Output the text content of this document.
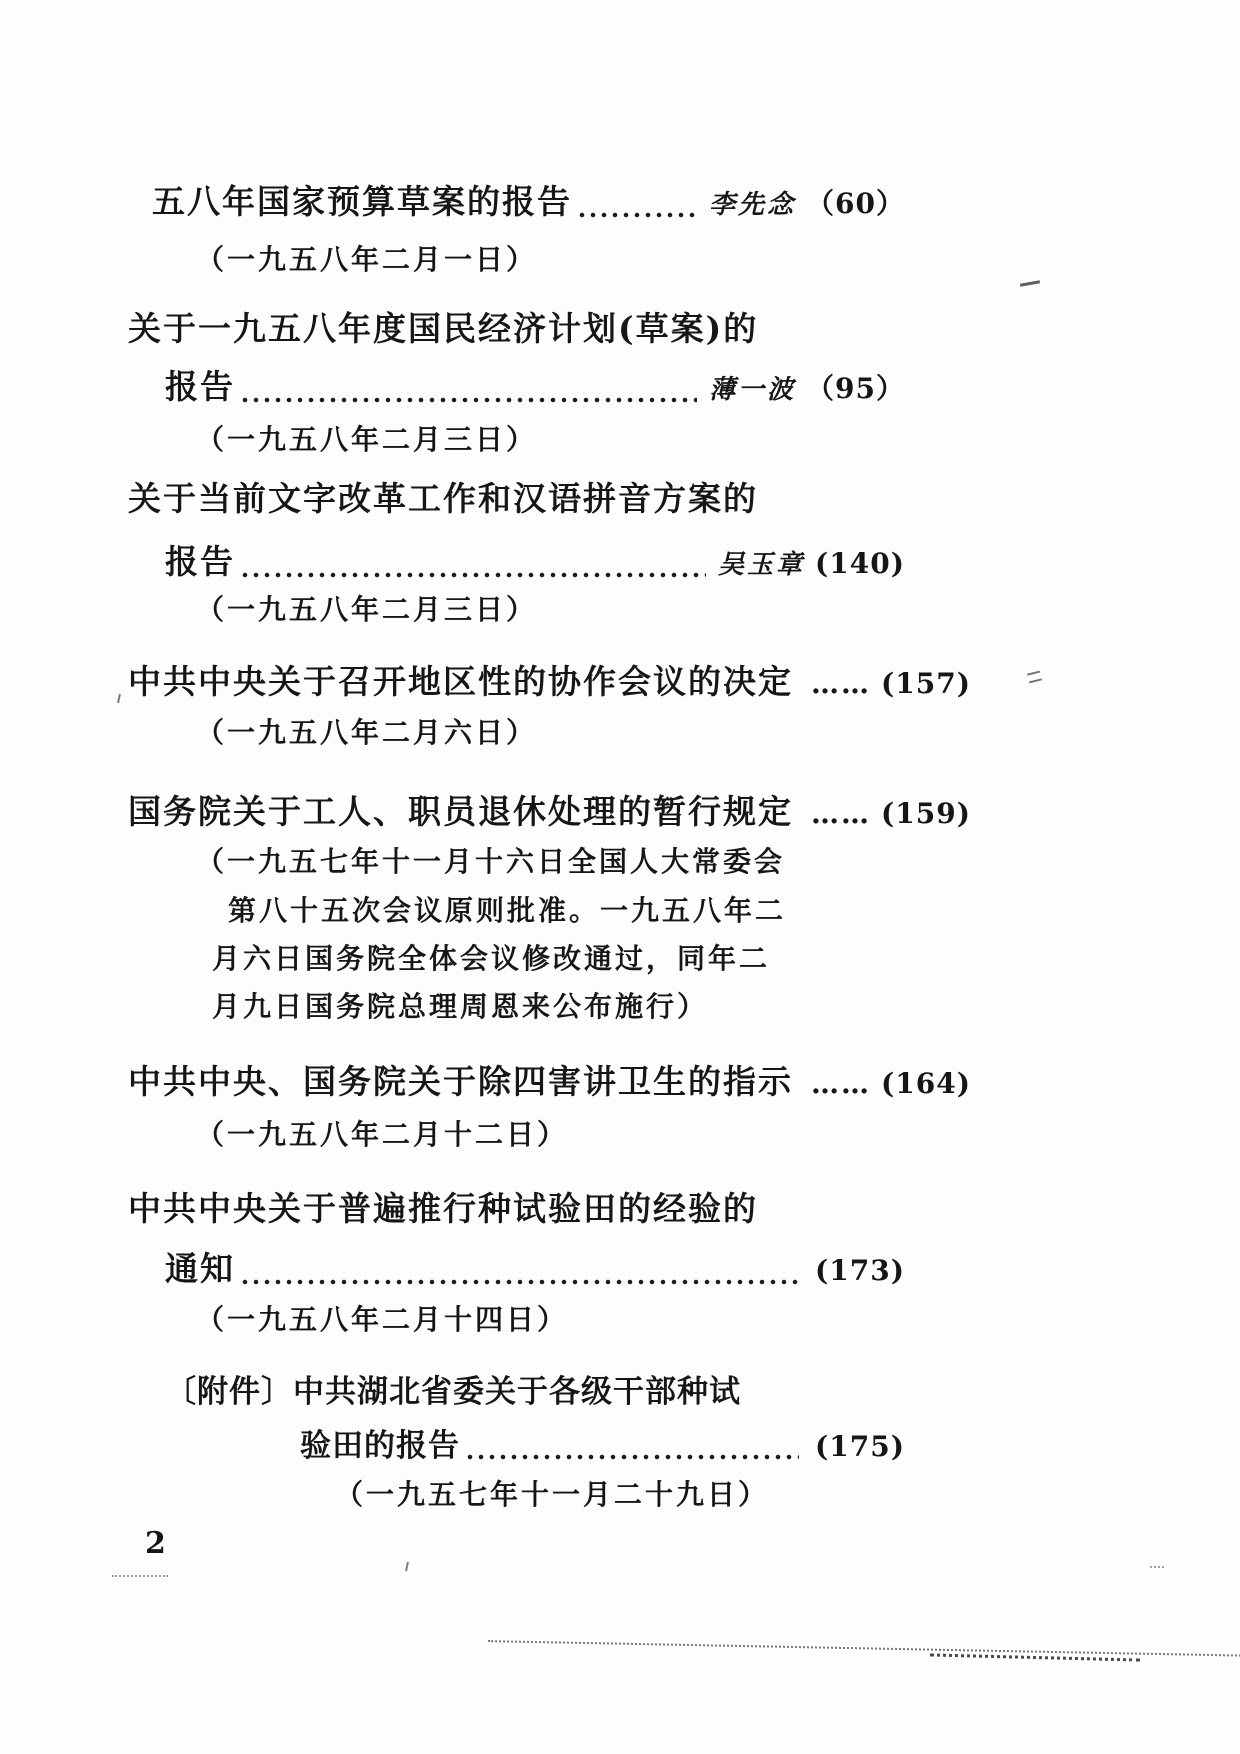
五八年国家预算草案的报告	李先念 （60）
（一九五八年二月一日）
关于一九五八年度国民经济计划(草案)的
报告	薄一波 （95）
（一九五八年二月三日）
关于当前文字改革工作和汉语拼音方案的
报告	吴玉章 (140)
（一九五八年二月三日）
中共中央关于召开地区性的协作会议的决定 …… (157)
（一九五八年二月六日）
国务院关于工人、职员退休处理的暂行规定 …… (159)
（一九五七年十一月十六日全国人大常委会
第八十五次会议原则批准。一九五八年二
月六日国务院全体会议修改通过，同年二
月九日国务院总理周恩来公布施行）
中共中央、国务院关于除四害讲卫生的指示 …… (164)
（一九五八年二月十二日）
中共中央关于普遍推行种试验田的经验的
通知	(173)
（一九五八年二月十四日）
〔附件〕 中共湖北省委关于各级干部种试
验田的报告	(175)
（一九五七年十一月二十九日）
2
